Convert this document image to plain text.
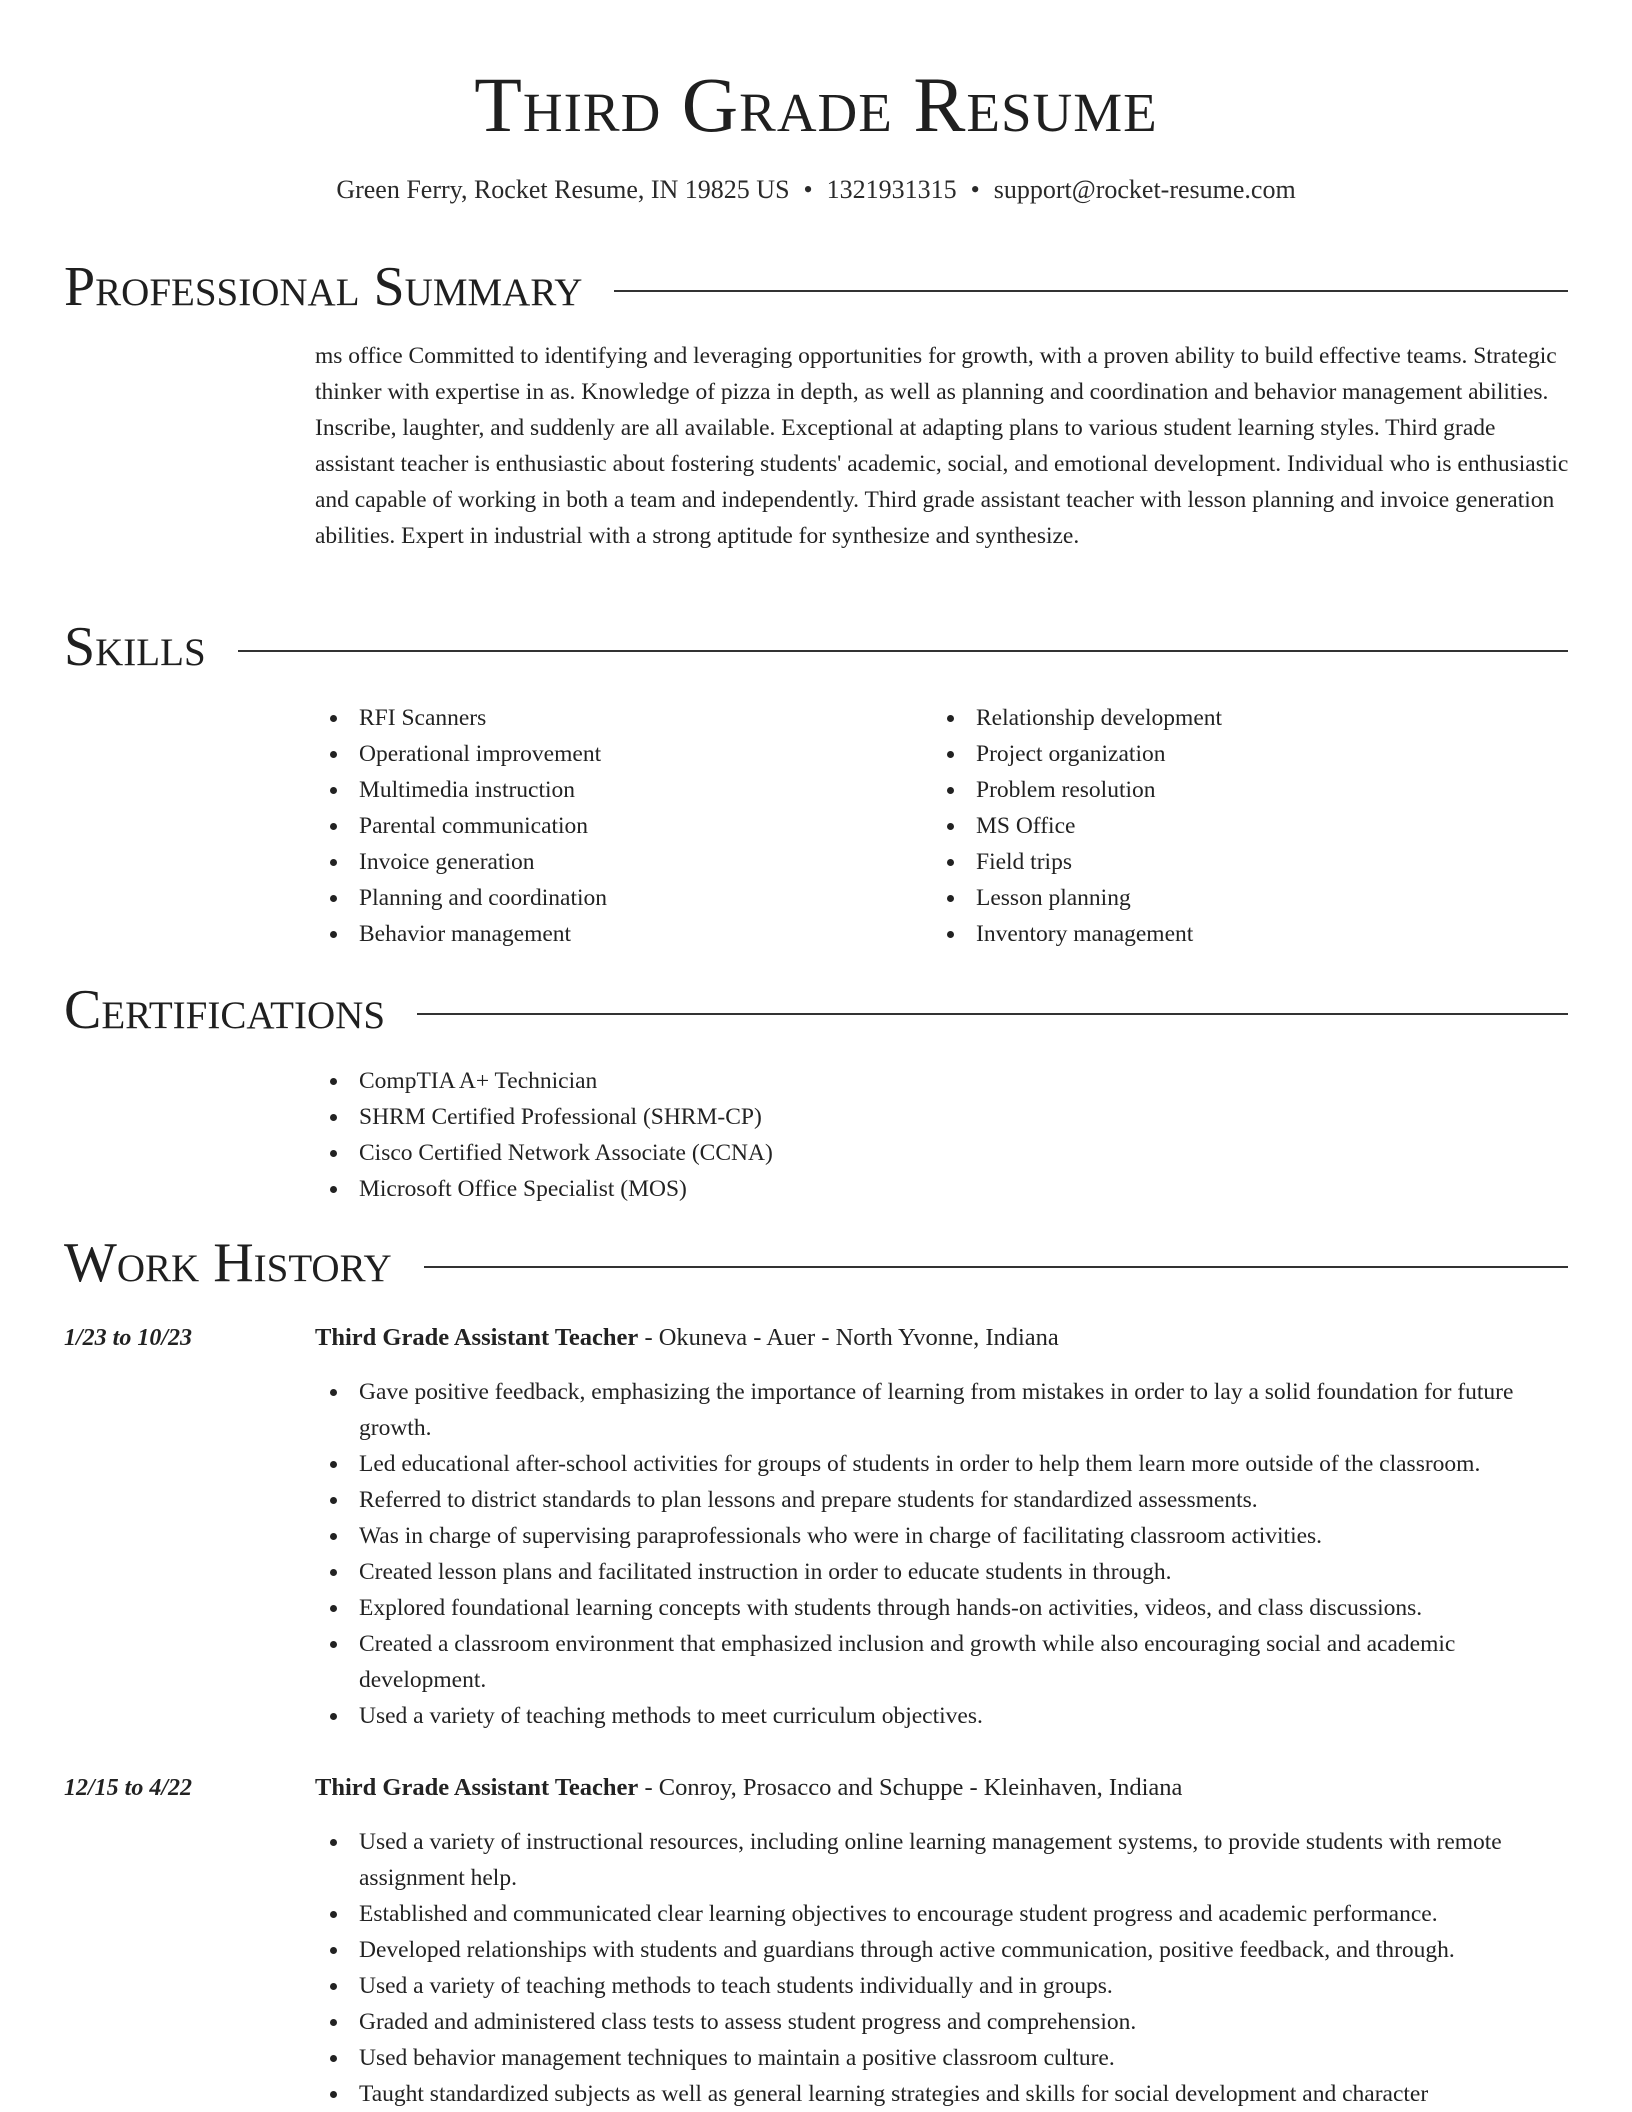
Third Grade Resume
Green Ferry, Rocket Resume, IN 19825 US • 1321931315 • support@rocket-resume.com
Professional Summary

ms office Committed to identifying and leveraging opportunities for growth, with a proven ability to build effective teams. Strategic thinker with expertise in as. Knowledge of pizza in depth, as well as planning and coordination and behavior management abilities. Inscribe, laughter, and suddenly are all available. Exceptional at adapting plans to various student learning styles. Third grade assistant teacher is enthusiastic about fostering students' academic, social, and emotional development. Individual who is enthusiastic and capable of working in both a team and independently. Third grade assistant teacher with lesson planning and invoice generation abilities. Expert in industrial with a strong aptitude for synthesize and synthesize.

Skills
RFI Scanners
Operational improvement
Multimedia instruction
Parental communication
Invoice generation
Planning and coordination
Behavior management
Relationship development
Project organization
Problem resolution
MS Office
Field trips
Lesson planning
Inventory management
Certifications
CompTIA A+ Technician
SHRM Certified Professional (SHRM-CP)
Cisco Certified Network Associate (CCNA)
Microsoft Office Specialist (MOS)
Work History
1/23 to 10/23	Third Grade Assistant Teacher - Okuneva - Auer - North Yvonne, Indiana
Gave positive feedback, emphasizing the importance of learning from mistakes in order to lay a solid foundation for future growth.
Led educational after-school activities for groups of students in order to help them learn more outside of the classroom.
Referred to district standards to plan lessons and prepare students for standardized assessments.
Was in charge of supervising paraprofessionals who were in charge of facilitating classroom activities.
Created lesson plans and facilitated instruction in order to educate students in through.
Explored foundational learning concepts with students through hands-on activities, videos, and class discussions.
Created a classroom environment that emphasized inclusion and growth while also encouraging social and academic development.
Used a variety of teaching methods to meet curriculum objectives.
12/15 to 4/22	Third Grade Assistant Teacher - Conroy, Prosacco and Schuppe - Kleinhaven, Indiana
Used a variety of instructional resources, including online learning management systems, to provide students with remote assignment help.
Established and communicated clear learning objectives to encourage student progress and academic performance.
Developed relationships with students and guardians through active communication, positive feedback, and through.
Used a variety of teaching methods to teach students individually and in groups.
Graded and administered class tests to assess student progress and comprehension.
Used behavior management techniques to maintain a positive classroom culture.
Taught standardized subjects as well as general learning strategies and skills for social development and character
